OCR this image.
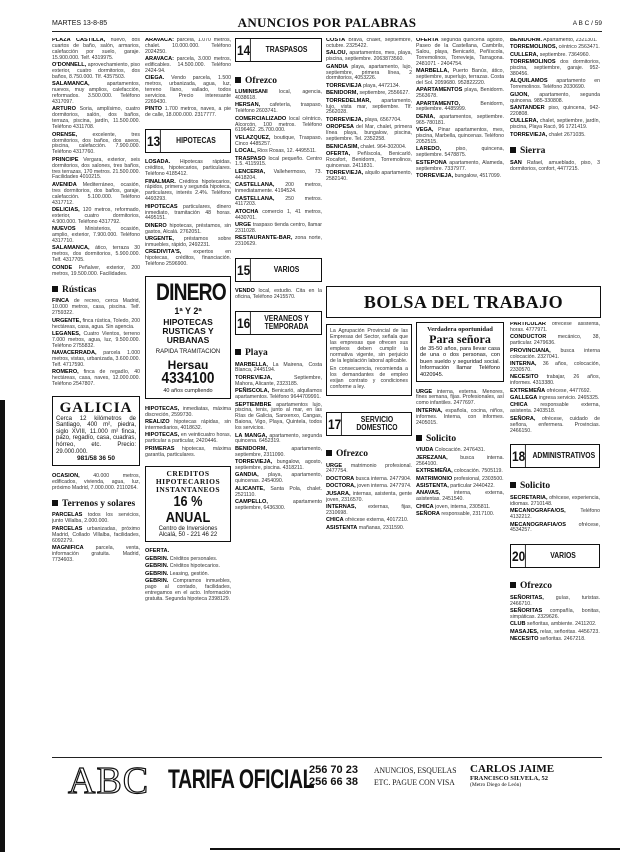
MARTES 13-8-85	ANUNCIOS POR PALABRAS	A B C / 59
PLAZA CASTILLA, nuevo, dos cuartos de baño, salón, armarios, calefacción por suelo, garaje. 15.900.000. Telf. 4319975.
O'DONNELL, aprovechamiento, piso exterior, cuatro dormitorios, dos baños, 8.750.000. Tlf. 4357503.
SALAMANCA,	apartamentos, nuevos, muy amplios, calefacción, reformados. 3.500.000. Teléfono 4317097.
ARTURO Soria, amplísimo, cuatro dormitorios, salón, dos baños, terraza, piscina, jardín, 11.500.000. Teléfono 4311708.
ORENSE,	excelente, tres dormitorios, dos baños, dos aseos, piscina, calefacción. 7.900.000. Teléfono 4317760.
PRINCIPE Vergara, exterior, seis dormitorios, dos salones, tres baños, tres terrazas, 170 metros. 21.500.000. Facilidades 4010215.
AVENIDA Mediterráneo, ocasión, tres dormitorios, dos baños, garaje, calefacción. 5.100.000. Teléfono 4317712.
DELICIAS, 120 metros, reformado, exterior, cuatro dormitorios, 4.900.000. Teléfono 4317792.
NUEVOS Ministerios, ocasión, amplio, exterior, 7.900.000. Teléfono 4317710.
SALAMANCA, ático, terraza 30 metros, dos dormitorios, 5.900.000. Telf. 4317705.
CONDE Peñalver, exterior, 200 metros, 19.500.000. Facilidades.
Rústicas
FINCA de recreo, cerca Madrid, 10.000 metros, casa, piscina. Telf. 2759322.
URGENTE, finca rústica, Toledo, 200 hectáreas, casa, agua. Sin agencia.
LEGANES, Cuatro Vientos, terreno 7.000 metros, agua, luz, 9.500.000. Teléfono 2755832.
NAVACERRADA, parcela 1.000 metros, vistas, urbanizada, 3.600.000. Telf. 4717590.
ROMERO, finca de regadío, 40 hectáreas, casa, naves, 12.000.000. Teléfono 2547807.
GALICIA
Cerca 12 kilómetros de Santiago, 400 m², piedra, siglo XVIII, 11.000 m² finca, pazo, regadío, casa, cuadras, hórreo, etc. Precio: 29.000.000.
981/58 36 50
OCASION,	40.000 metros, edificados, vivienda, agua, luz, próximo Madrid, 7.000.000. 2110264.
Terrenos y solares
PARCELAS todos los servicios, junto Villalba, 2.000.000.
PARCELAS urbanizadas, próximo Madrid, Collado Villalba, facilidades, 6092279.
MAGNIFICA parcela, venta, información gratuita. Madrid, 7734603.
ARAVACA: parcela, 1.070 metros, chalet. 10.000.000. Teléfono 2024250.
ARAVACA: parcela, 3.000 metros, edificables. 14.500.000. Teléfono 2424-94.
CIEGA. Vendo parcela, 1.500 metros, urbanizada, agua, luz, terreno llano, vallado, todos servicios. Precio interesante 2269430.
PINTO 1.700 metros, naves, a pie de calle, 18.000.000. 2317777.
13	HIPOTECAS
LOSADA. Hipotecas rápidas, créditos, hipotecarios, particulares. Teléfono 4185412.
FINALMAR. Créditos hipotecarios, rápidos, primera y segunda hipoteca, particulares, interés 2.4%. Teléfono 4493293.
HIPOTECAS particulares, dinero inmediato, tramitación 48 horas. 4495151.
DINERO hipotecas, préstamos, sin gastos, Alcalá. 2762051.
URGENTE, préstamos sobre inmuebles, rápido, 2492231.
CREDIVITA'S, expertos en hipotecas, créditos, financiación. Teléfono 2596900.
DINERO
1ª Y 2ª
HIPOTECAS RUSTICAS Y URBANAS
RAPIDA TRAMITACION
Hersau
4334100
40 años cumpliendo
HIPOTECAS, inmediatas, máxima discreción, 2599730.
REALIZO hipotecas rápidas, sin intermediarios, 4018632.
HIPOTECAS, en veinticuatro horas, particular a particular, 2420446.
PRIMERAS hipotecas, máxima garantía, particulares.
CREDITOS HIPOTECARIOS INSTANTANEOS
16 % ANUAL
Centro de Inversiones
Alcalá, 50 - 221 46 22
OFERTA.
GEBRIN. Créditos personales.
GEBRIN. Créditos hipotecarios.
GEBRIN. Leasing, gestión.
GEBRIN. Compramos inmuebles, pago al contado, facilidades, entregamos en el acto. Información gratuita. Segunda hipoteca 2398129.
14	TRASPASOS
Ofrezco
LUMINISANI local, agencia, 4038618.
HERSAN, cafetería, traspaso, Teléfono 2603741.
COMERCIALIZADO local céntrico, Alcorcón, 100 metros. Teléfono 6196462. 25.700.000.
VELAZQUEZ, boutique, Traspaso, Cinco 4485257.
LOCAL, Rios Rosas, 12. 4495511.
TRASPASO local pequeño. Centro 1.5. 4115915.
LENCERIA, Vallehermoso, 73. 4418204.
CASTELLANA, 200 metros, inmediatamente. 4194524.
CASTELLANA, 250 metros. 4117203.
ATOCHA comercio 1, 41 metros, 4430701.
URGE traspaso tienda centro, llamar 2311028.
RESTAURANTE-BAR, zona norte, 2310629.
15	VARIOS
VENDO local, estudio. Cita en la oficina, Teléfono 2415570.
16	VERANEOS Y TEMPORADA
Playa
MARBELLA, La Mairena, Costa Blanca, 2445194.
TORREVIEJA,	Septiembre, Mahora, Alicante, 2323185.
PEÑISCOLA, Benicarló, alquilamos apartamentos. Teléfono 9644709991.
SEPTIEMBRE apartamentos lujo, piscina, tenis, junto al mar, en las Rías de Galicia, Sanxenxo, Cangas, Baiona, Vigo, Playa, Quintela, todos los servicios.
LA MANGA, apartamento, segunda quincena. 6452319.
BENIDORM,	apartamento, septiembre, 2311090.
TORREVIEJA, bungalow, agosto, septiembre, piscina. 4318211.
GANDIA, playa, apartamento, quincenas. 2454090.
ALICANTE, Santa Pola, chalet. 2521110.
CAMPELLO,	apartamento septiembre, 6436300.
COSTA Brava, chalet, septiembre, octubre. 2325422.
SALOU, apartamentos, mes, playa, piscina, septiembre. 2063873560.
GANDIA playa, apartamento, lujo, septiembre, primera línea, 2 dormitorios, 4053226.
TORREVIEJA playa, 4472134.
BENIDORM, septiembre, 2556627.
TORREDELMAR, apartamento, lujo, vista mar, septiembre. Tlf. 2562028.
TORREVIEJA, playa, 6567704.
OROPESA del Mar, chalet, primera línea playa, bungalow, piscina, septiembre. Tel. 2352258.
BENICASIM, chalet. 964-302004.
OFERTA, Peñíscola, Benicarló, Rocafort, Benidorm, Torremolinos, quincenas. 2411831.
TORREVIEJA, alquilo apartamento, 2582140.
OFERTA segunda quincena agosto, Paseo de la Castellana, Cambrils, Salou, playa, Benicarló, Peñíscola, Torremolinos, Torrevieja, Tarragona. 2481071 - 2404754.
MARBELLA, Puerto Banús, ático, septiembre, superlujo, terrazas. Costa del Sol. 2059680. 952822220.
APARTAMENTOS playa, Benidorm. 2563678.
APARTAMENTO,	Benidorm, septiembre. 4485999.
DENIA, apartamentos, septiembre. 965-780181.
VEGA, Pinar apartamentos, mes, piscina, Marbella, quincenas. Teléfono 2052515.
LAREDO,	piso, quincena, septiembre. 5478875.
ESTEPONA apartamento, Alameda, septiembre. 7337977.
TORREVIEJA, bungalow, 4517099.
BENIDORM. Apartamento, 2321301.
TORREMOLINOS, céntrico 2563471.
CULLERA, septiembre. 7364960.
TORREMOLINOS dos dormitorios, piscina, septiembre, garaje. 952-380456.
ALQUILAMOS apartamento en Torremolinos. Teléfono 2030690.
GIJON, apartamento, segunda quincena. 985-330808.
SANTANDER piso, quincena, 942-220808.
CULLERA, chalet, septiembre, jardín, piscina, Playa Racó, 96 1721419.
TORREVIEJA, chalet 2671035.
Sierra
SAN Rafael, amueblado, piso, 3 dormitorios, confort, 4477215.
BOLSA DEL TRABAJO
La Agrupación Provincial de las Empresas del Sector, señala que las empresas que ofrecen sus empleos deben cumplir la normativa vigente, sin perjuicio de la legislación laboral aplicable.
En consecuencia, recomienda a los demandantes de empleo exijan contrato y condiciones conforme a ley.
17	SERVICIO DOMESTICO
Ofrezco
URGE matrimonio profesional. 2477754.
DOCTORA busca interna. 2477904.
DOCTORA, joven interna. 2477974.
JUSARA, internas, asistenta, gente joven, 2316570.
INTERNAS, externas, fijas, 2310698.
CHICA ofrécese externa, 4017210.
ASISTENTA mañanas, 2311590.
Verdadera oportunidad
Para señora
de 35-50 años, para llevar casa de una o dos personas, con buen sueldo y seguridad social. Información llamar Teléfono 4020945.
URGE interna, externa. Menores, fines semana, fijas. Profesionales, así como infantiles. 2477697.
INTERNA, española, cocina, niños, informes. Interna, con informes. 2405015.
Solicito
VIUDA Colocación. 2476431.
JEREZANA, busca interna. 2564100.
EXTREMEÑA, colocación. 7505119.
MATRIMONIO profesional, 2303500.
ASISTENTA, particular 2440422.
ANAVAS,	interna, externa, asistentas. 2451540.
CHICA joven, interna, 2305811.
SEÑORA responsable, 2317100.
PARTICULAR ofrécese asistenta, horas. 4777971.
CONDUCTOR mecánico, 38, particular. 2479636.
PROVINCIANA, busca interna colocación. 2327041.
INTERNA, 36 años, colocación, 2330570.
NECESITO trabajar, 26 años, informes. 4313380.
EXTREMEÑA ofrécese, 4477692.
GALLEGA ingresa servicio. 2465325.
CHICA responsable externa, asistenta. 2403518.
SEÑORA, ofrécese, cuidado de señora, enfermera. Provincias. 2466150.
18 ADMINISTRATIVOS
Solicito
SECRETARIA, ofrécese, experiencia, idiomas. 2710148.
MECANOGRAFA/OS,	Teléfono 4132212.
MECANOGRAFIA/OS ofrécese, 4534257.
20	VARIOS
Ofrezco
SEÑORITAS, guías, turistas. 2466710.
SEÑORITAS compañía, bonitas, simpáticas. 2329626.
CLUB señoritas, ambiente. 2411202.
MASAJES, relax, señoritas. 4456723.
NECESITO señoritas. 2467218.
ABC TARIFA OFICIAL
256 70 23
256 66 38
ANUNCIOS, ESQUELAS
ETC. PAGUE CON VISA
CARLOS JAIME
FRANCISCO SILVELA, 52
(Metro Diego de León)
